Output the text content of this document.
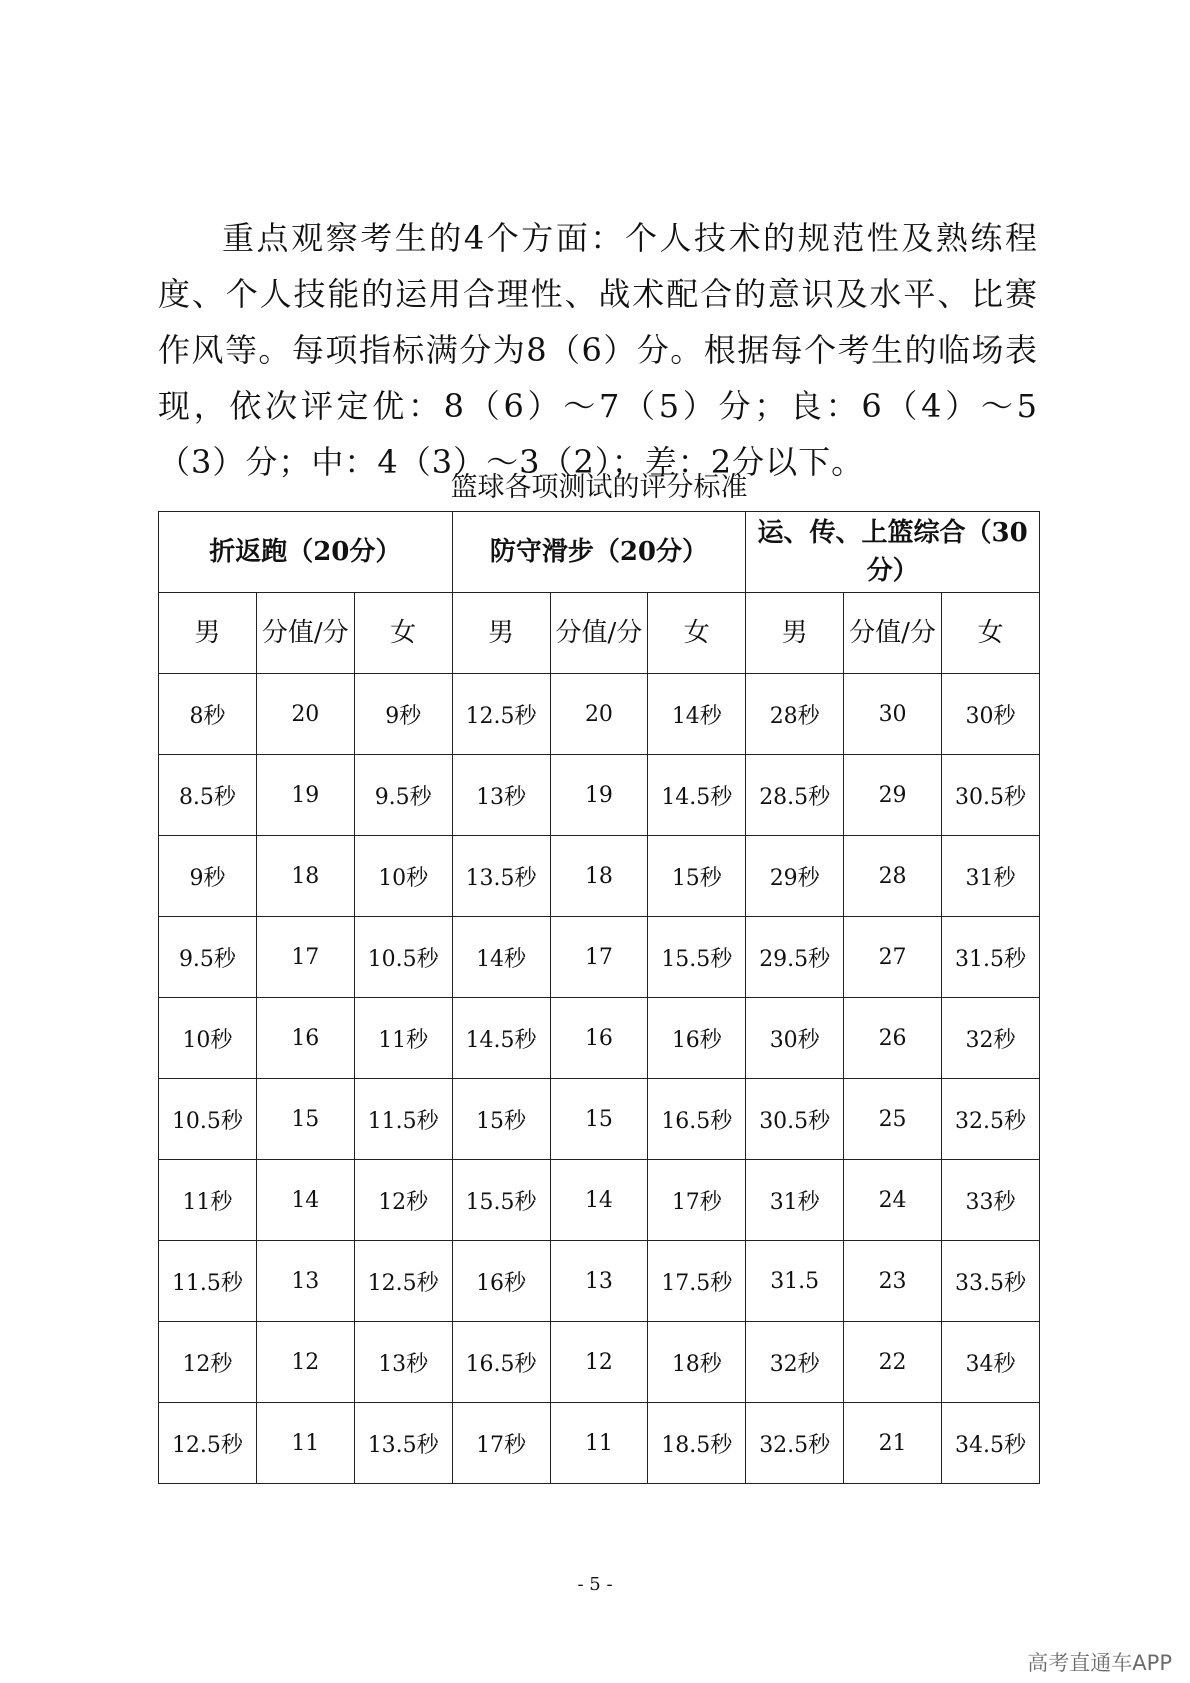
重点观察考生的4个方面：个人技术的规范性及熟练程度、个人技能的运用合理性、战术配合的意识及水平、比赛作风等。每项指标满分为8（6）分。根据每个考生的临场表现，依次评定优：8（6）～7（5）分；良：6（4）～5（3）分；中：4（3）～3（2）；差：2分以下。

篮球各项测试的评分标准
折返跑（20分）			防守滑步（20分）			运、传、上篮综合（30分）		
男	分值/分	女	男	分值/分	女	男	分值/分	女
8秒	20	9秒	12.5秒	20	14秒	28秒	30	30秒
8.5秒	19	9.5秒	13秒	19	14.5秒	28.5秒	29	30.5秒
9秒	18	10秒	13.5秒	18	15秒	29秒	28	31秒
9.5秒	17	10.5秒	14秒	17	15.5秒	29.5秒	27	31.5秒
10秒	16	11秒	14.5秒	16	16秒	30秒	26	32秒
10.5秒	15	11.5秒	15秒	15	16.5秒	30.5秒	25	32.5秒
11秒	14	12秒	15.5秒	14	17秒	31秒	24	33秒
11.5秒	13	12.5秒	16秒	13	17.5秒	31.5	23	33.5秒
12秒	12	13秒	16.5秒	12	18秒	32秒	22	34秒
12.5秒	11	13.5秒	17秒	11	18.5秒	32.5秒	21	34.5秒
- 5 -
高考直通车APP
